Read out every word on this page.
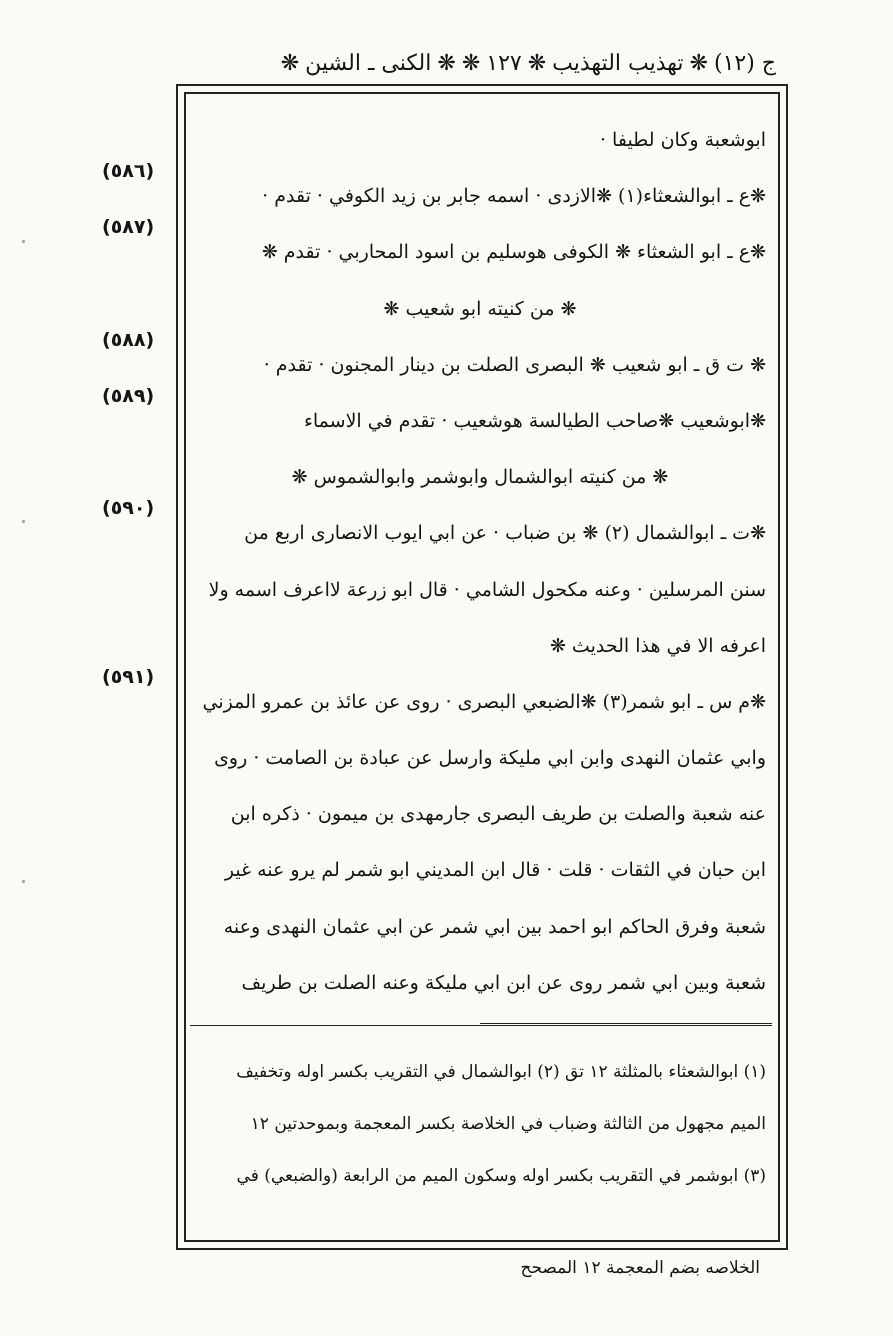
ج (١٢)
❋
تهذيب التهذيب
❋
١٢٧
❋
❋
الكنى ـ الشين
❋
ابوشعبة وكان لطيفا ·
❋ع ـ ابوالشعثاء(١) ❋الازدى · اسمه جابر بن زيد الكوفي · تقدم ·
❋ع ـ ابو الشعثاء ❋ الكوفى هوسليم بن اسود المحاربي · تقدم ❋
❋ من كنيته ابو شعيب ❋
❋ ت ق ـ ابو شعيب ❋ البصرى الصلت بن دينار المجنون · تقدم ·
❋ابوشعيب ❋صاحب الطيالسة هوشعيب · تقدم في الاسماء
❋ من كنيته ابوالشمال وابوشمر وابوالشموس ❋
❋ت ـ ابوالشمال (٢) ❋ بن ضباب · عن ابي ايوب الانصارى اربع من
سنن المرسلين · وعنه مكحول الشامي · قال ابو زرعة لااعرف اسمه ولا
اعرفه الا في هذا الحديث ❋
❋م س ـ ابو شمر(٣) ❋الضبعي البصرى · روى عن عائذ بن عمرو المزني
وابي عثمان النهدى وابن ابي مليكة وارسل عن عبادة بن الصامت · روى
عنه شعبة والصلت بن طريف البصرى جارمهدى بن ميمون · ذكره ابن
ابن حبان في الثقات · قلت · قال ابن المديني ابو شمر لم يرو عنه غير
شعبة وفرق الحاكم ابو احمد بين ابي شمر عن ابي عثمان النهدى وعنه
شعبة وبين ابي شمر روى عن ابن ابي مليكة وعنه الصلت بن طريف
(٥٨٦)
(٥٨٧)
(٥٨٨)
(٥٨٩)
(٥٩٠)
(٥٩١)
(١) ابوالشعثاء بالمثلثة ١٢ تق (٢) ابوالشمال في التقريب بكسر اوله وتخفيف
الميم مجهول من الثالثة وضباب في الخلاصة بكسر المعجمة وبموحدتين ١٢
(٣) ابوشمر في التقريب بكسر اوله وسكون الميم من الرابعة (والضبعي) في
الخلاصه بضم المعجمة ١٢ المصحح
